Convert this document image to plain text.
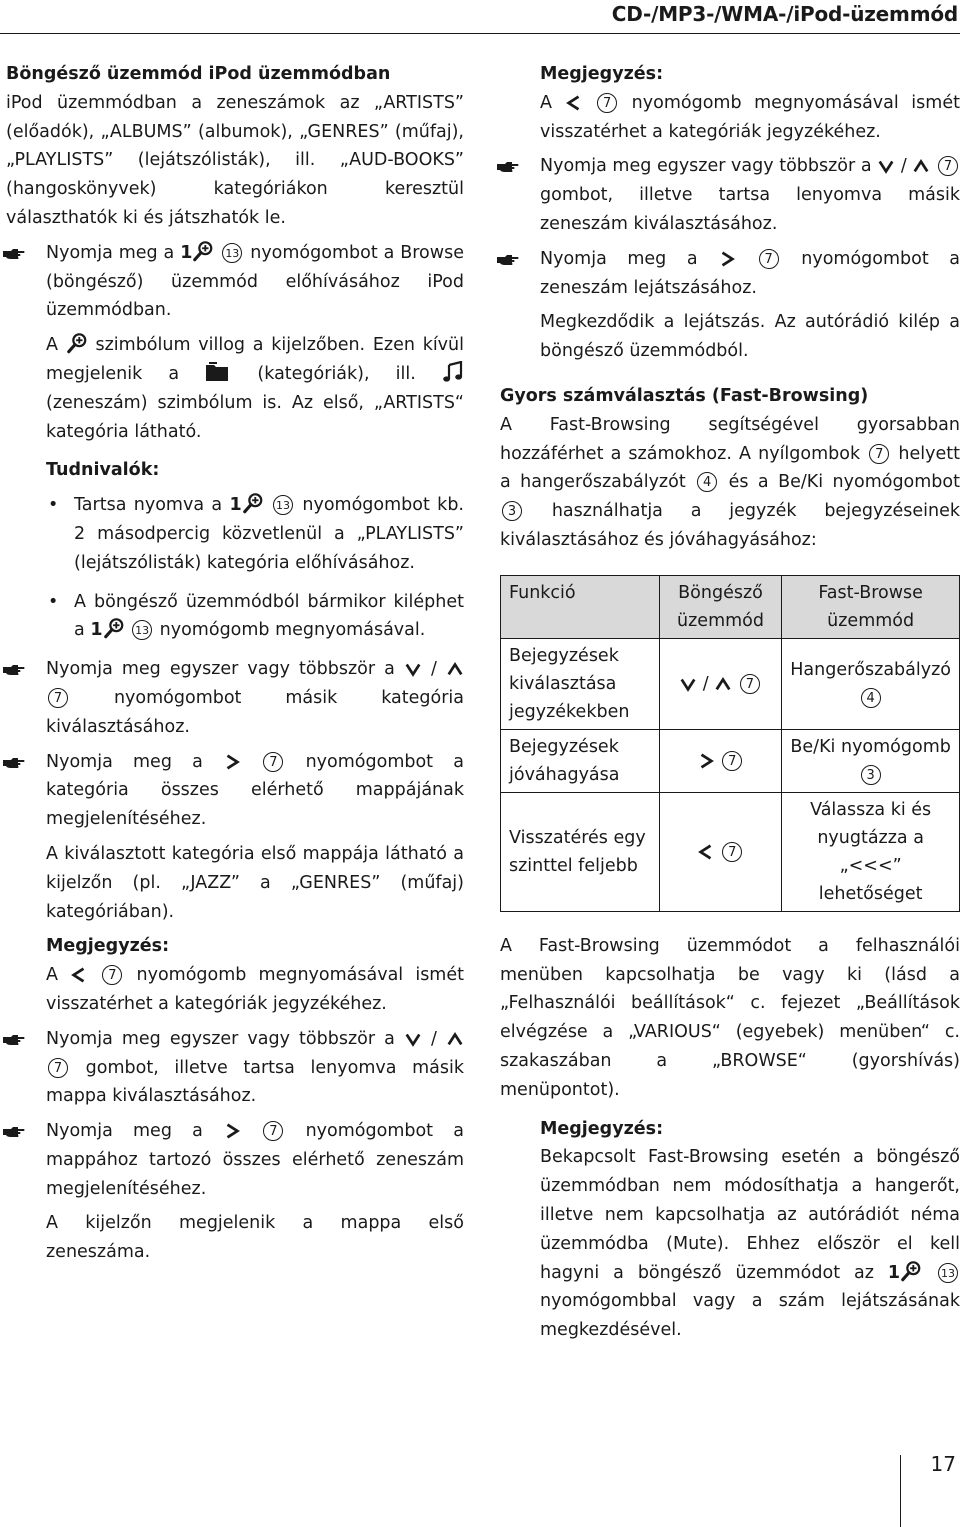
CD-/MP3-/WMA-/iPod-üzemmód

Böngésző üzemmód iPod üzemmódban

iPod üzemmódban a zeneszámok az „ARTISTS” (előadók), „ALBUMS” (albumok), „GENRES” (műfaj), „PLAYLISTS” (lejátszólisták), ill. „AUD-BOOKS” (hangoskönyvek) kategóriákon keresztül választhatók ki és játszhatók le.

Nyomja meg a 1	13 nyomógombot a Browse (böngésző) üzemmód előhívásához iPod üzemmódban.

A szimbólum villog a kijelzőben. Ezen kívül megjelenik a	(kategóriák), ill.  (zeneszám) szimbólum is. Az első, „ARTISTS“ kategória látható.

Tudnivalók:

• Tartsa nyomva a 1	13 nyomógombot kb. 2 másodpercig közvetlenül a „PLAYLISTS” (lejátszólisták) kategória előhívásához.
• A böngésző üzemmódból bármikor kiléphet a 1	13 nyomógomb megnyomásával.
Nyomja meg egyszer vagy többször a /  7	nyomógombot másik kategória kiválasztásához.
Nyomja meg a	7 nyomógombot a kategória összes elérhető mappájának megjelenítéséhez.

A kiválasztott kategória első mappája látható a kijelzőn (pl. „JAZZ” a „GENRES” (műfaj) kategóriában).

Megjegyzés:

A	7 nyomógomb megnyomásával ismét visszatérhet a kategóriák jegyzékéhez.

Nyomja meg egyszer vagy többször a /  7 gombot, illetve tartsa lenyomva másik mappa kiválasztásához.
Nyomja meg a	7 nyomógombot a mappához tartozó összes elérhető zeneszám megjelenítéséhez.

A kijelzőn megjelenik a mappa első zeneszáma.

Megjegyzés:

A	7 nyomógomb megnyomásával ismét visszatérhet a kategóriák jegyzékéhez.

Nyomja meg egyszer vagy többször a /	7 gombot, illetve tartsa lenyomva másik zeneszám kiválasztásához.
Nyomja meg a	7 nyomógombot a zeneszám lejátszásához.

Megkezdődik a lejátszás. Az autórádió kilép a böngésző üzemmódból.

Gyors számválasztás (Fast-Browsing)

A Fast-Browsing segítségével gyorsabban hozzáférhet a számokhoz. A nyílgombok 7 helyett a hangerőszabályzót 4 és a Be/Ki nyomógombot 3 használhatja a jegyzék bejegyzéseinek kiválasztásához és jóváhagyásához:

Funkció	Böngésző üzemmód	Fast-Browse üzemmód
Bejegyzések kiválasztása jegyzékekben	/ 7	Hangerőszabályzó 4
Bejegyzések jóváhagyása	7	Be/Ki nyomógomb 3
Visszatérés egy szinttel feljebb	7	Válassza ki és nyugtázza a „<<<” lehetőséget

A Fast-Browsing üzemmódot a felhasználói menüben kapcsolhatja be vagy ki (lásd a „Felhasználói beállítások“ c. fejezet „Beállítások elvégzése a „VARIOUS“ (egyebek) menüben“ c. szakaszában a „BROWSE“ (gyorshívás) menüpontot).

Megjegyzés:

Bekapcsolt Fast-Browsing esetén a böngésző üzemmódban nem módosíthatja a hangerőt, illetve nem kapcsolhatja az autórádiót néma üzemmódba (Mute). Ehhez először el kell hagyni a böngésző üzemmódot az 1	13 nyomógombbal vagy a szám lejátszásának megkezdésével.

17
